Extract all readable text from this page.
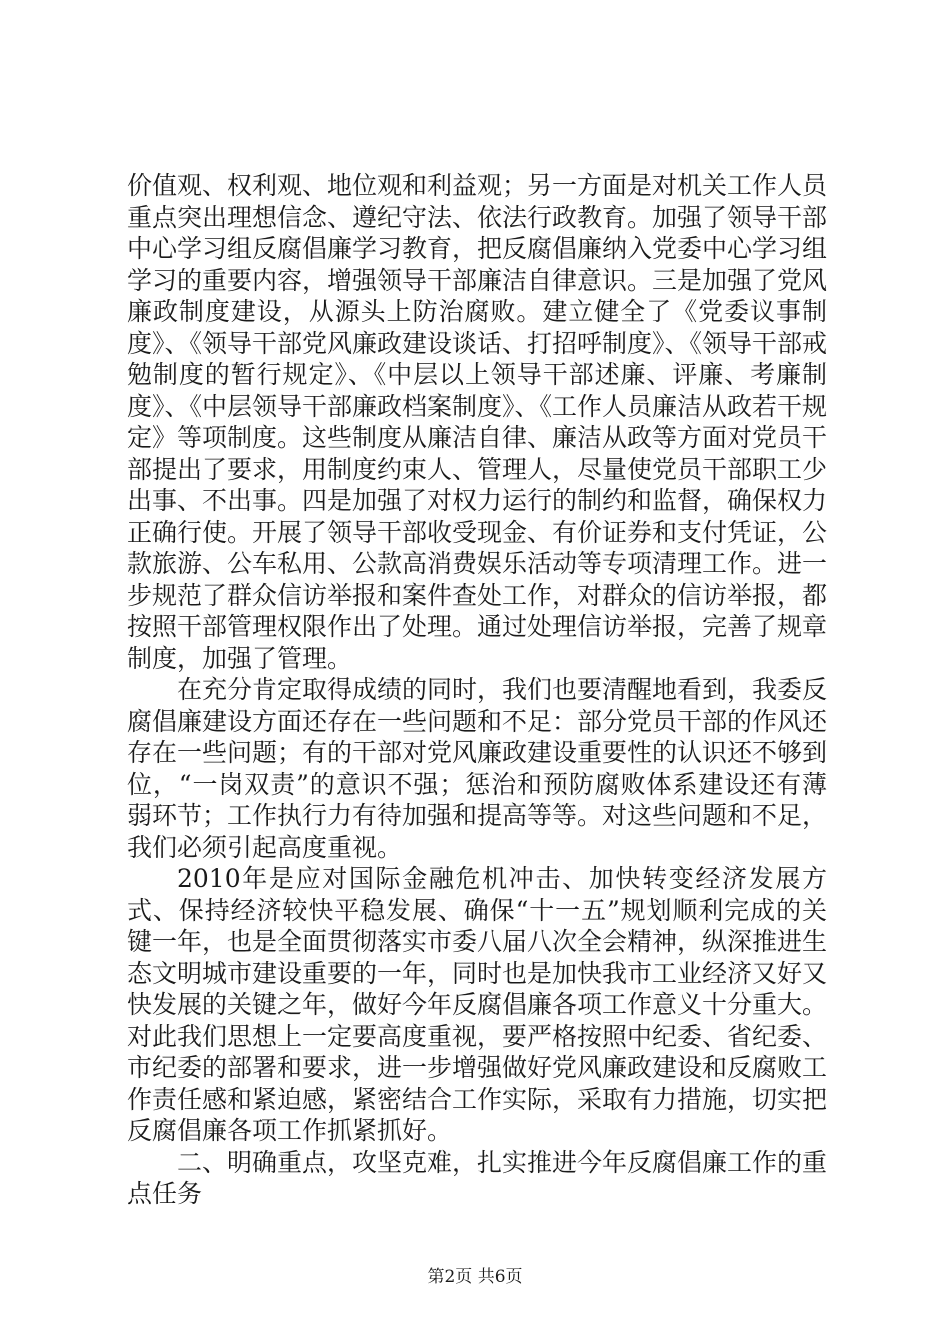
价值观、权利观、地位观和利益观；另一方面是对机关工作人员重点突出理想信念、遵纪守法、依法行政教育。加强了领导干部中心学习组反腐倡廉学习教育，把反腐倡廉纳入党委中心学习组学习的重要内容，增强领导干部廉洁自律意识。三是加强了党风廉政制度建设，从源头上防治腐败。建立健全了《党委议事制度》、《领导干部党风廉政建设谈话、打招呼制度》、《领导干部戒勉制度的暂行规定》、《中层以上领导干部述廉、评廉、考廉制度》、《中层领导干部廉政档案制度》、《工作人员廉洁从政若干规定》等项制度。这些制度从廉洁自律、廉洁从政等方面对党员干部提出了要求，用制度约束人、管理人，尽量使党员干部职工少出事、不出事。四是加强了对权力运行的制约和监督，确保权力正确行使。开展了领导干部收受现金、有价证券和支付凭证，公款旅游、公车私用、公款高消费娱乐活动等专项清理工作。进一步规范了群众信访举报和案件查处工作，对群众的信访举报，都按照干部管理权限作出了处理。通过处理信访举报，完善了规章制度，加强了管理。

在充分肯定取得成绩的同时，我们也要清醒地看到，我委反腐倡廉建设方面还存在一些问题和不足：部分党员干部的作风还存在一些问题；有的干部对党风廉政建设重要性的认识还不够到位，“一岗双责”的意识不强；惩治和预防腐败体系建设还有薄弱环节；工作执行力有待加强和提高等等。对这些问题和不足，我们必须引起高度重视。

2010年是应对国际金融危机冲击、加快转变经济发展方式、保持经济较快平稳发展、确保“十一五”规划顺利完成的关键一年，也是全面贯彻落实市委八届八次全会精神，纵深推进生态文明城市建设重要的一年，同时也是加快我市工业经济又好又快发展的关键之年，做好今年反腐倡廉各项工作意义十分重大。对此我们思想上一定要高度重视，要严格按照中纪委、省纪委、市纪委的部署和要求，进一步增强做好党风廉政建设和反腐败工作责任感和紧迫感，紧密结合工作实际，采取有力措施，切实把反腐倡廉各项工作抓紧抓好。

二、明确重点，攻坚克难，扎实推进今年反腐倡廉工作的重点任务

第2页 共6页
